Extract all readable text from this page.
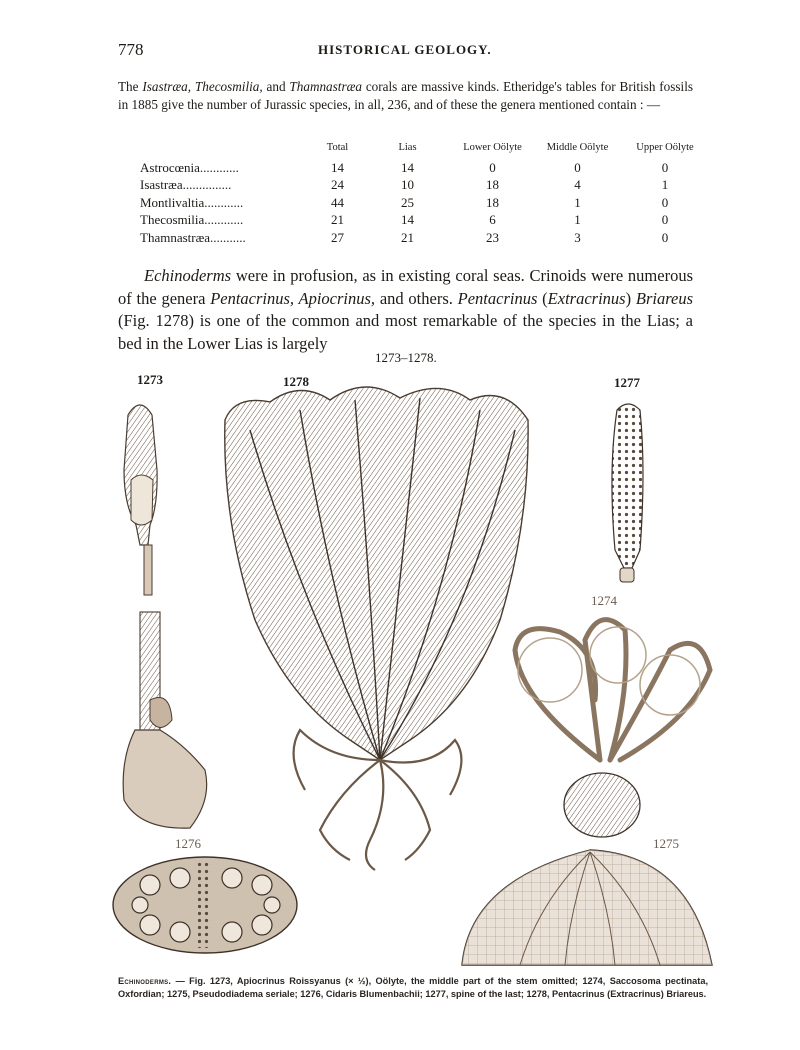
778	HISTORICAL GEOLOGY.
The Isastræa, Thecosmilia, and Thamnastræa corals are massive kinds. Etheridge's tables for British fossils in 1885 give the number of Jurassic species, in all, 236, and of these the genera mentioned contain : —
	Total	Lias	Lower Oölyte	Middle Oölyte	Upper Oölyte
Astrocœnia............	14	14	0	0	0
Isastræa...............	24	10	18	4	1
Montlivaltia............	44	25	18	1	0
Thecosmilia............	21	14	6	1	0
Thamnastræa...........	27	21	23	3	0
Echinoderms were in profusion, as in existing coral seas. Crinoids were numerous of the genera Pentacrinus, Apiocrinus, and others. Pentacrinus (Extracrinus) Briareus (Fig. 1278) is one of the common and most remarkable of the species in the Lias; a bed in the Lower Lias is largely
1273–1278.
1273	1278	1277
1274
1276	1275
Echinoderms. — Fig. 1273, Apiocrinus Roissyanus (× ½), Oölyte, the middle part of the stem omitted; 1274, Saccosoma pectinata, Oxfordian; 1275, Pseudodiadema seriale; 1276, Cidaris Blumenbachii; 1277, spine of the last; 1278, Pentacrinus (Extracrinus) Briareus.
